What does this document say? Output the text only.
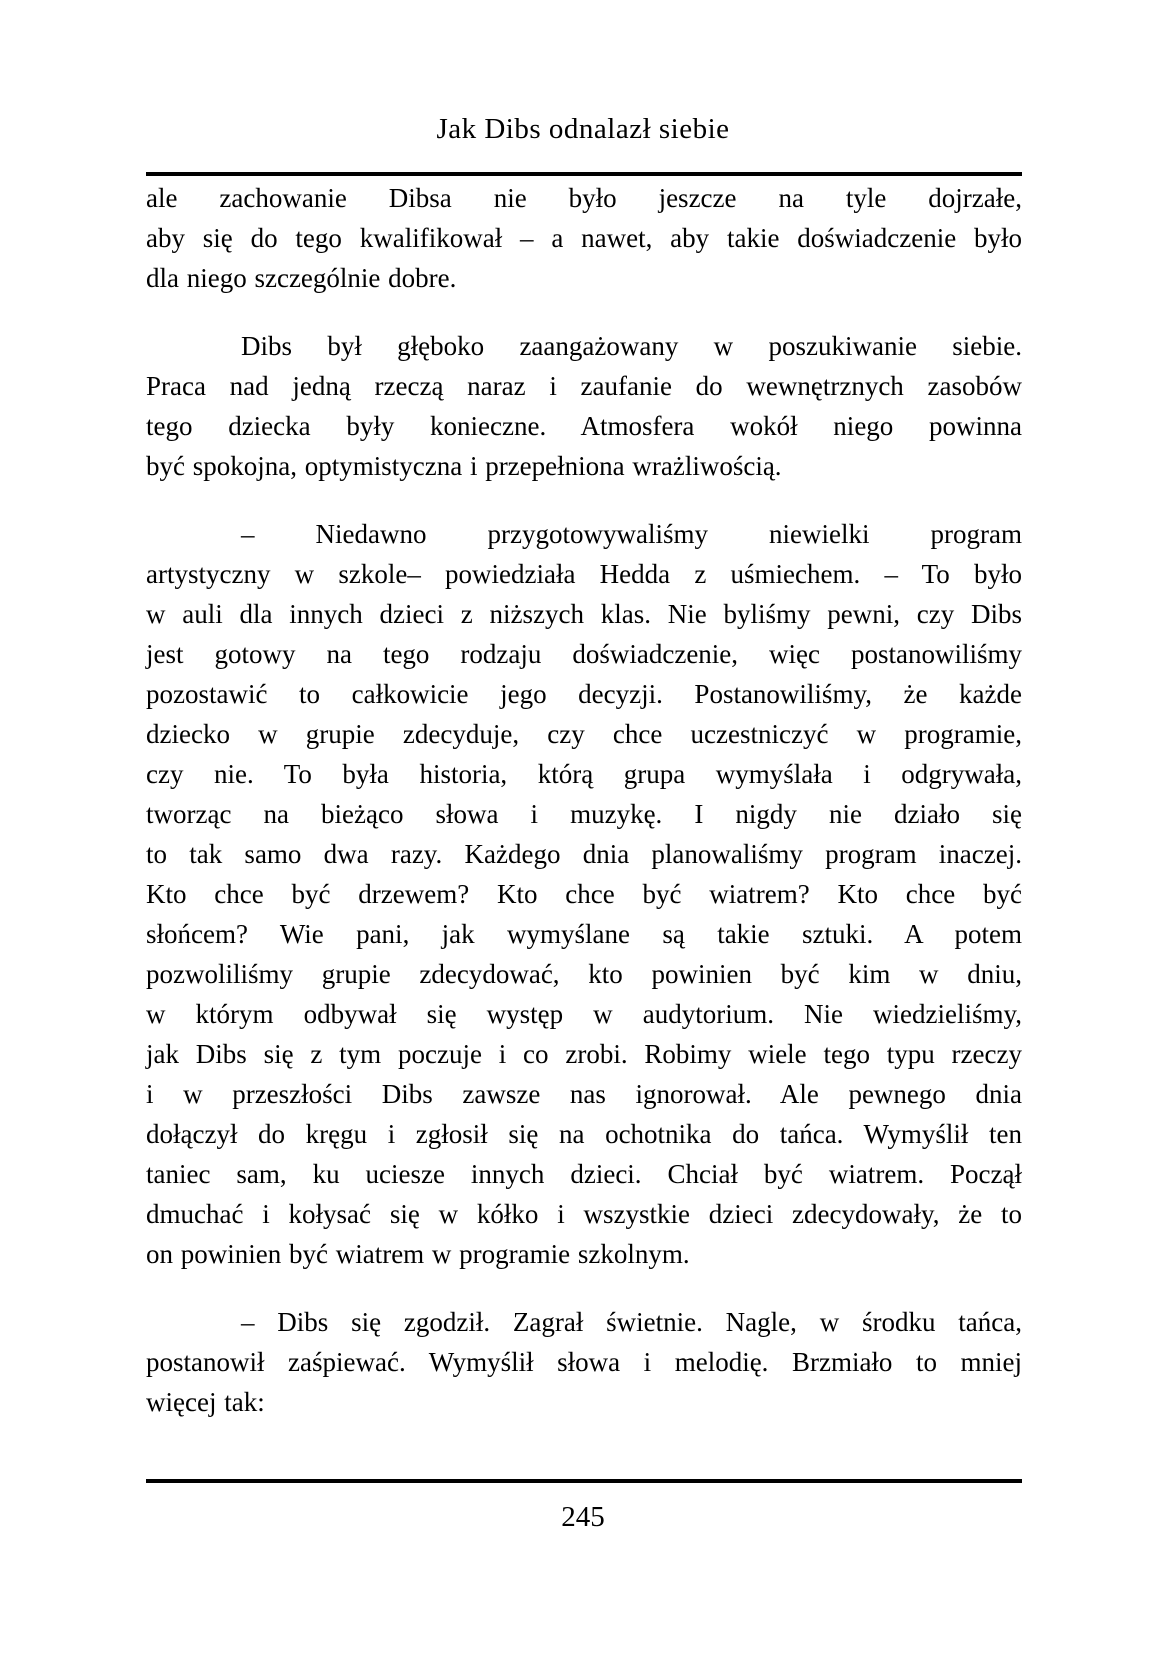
Jak Dibs odnalazł siebie
ale zachowanie Dibsa nie było jeszcze na tyle dojrzałe,
aby się do tego kwalifikował – a nawet, aby takie doświadczenie było
dla niego szczególnie dobre.
Dibs był głęboko zaangażowany w poszukiwanie siebie.
Praca nad jedną rzeczą naraz i zaufanie do wewnętrznych zasobów
tego dziecka były konieczne. Atmosfera wokół niego powinna
być spokojna, optymistyczna i przepełniona wrażliwością.
– Niedawno przygotowywaliśmy niewielki program
artystyczny w szkole– powiedziała Hedda z uśmiechem. – To było
w auli dla innych dzieci z niższych klas. Nie byliśmy pewni, czy Dibs
jest gotowy na tego rodzaju doświadczenie, więc postanowiliśmy
pozostawić to całkowicie jego decyzji. Postanowiliśmy, że każde
dziecko w grupie zdecyduje, czy chce uczestniczyć w programie,
czy nie. To była historia, którą grupa wymyślała i odgrywała,
tworząc na bieżąco słowa i muzykę. I nigdy nie działo się
to tak samo dwa razy. Każdego dnia planowaliśmy program inaczej.
Kto chce być drzewem? Kto chce być wiatrem? Kto chce być
słońcem? Wie pani, jak wymyślane są takie sztuki. A potem
pozwoliliśmy grupie zdecydować, kto powinien być kim w dniu,
w którym odbywał się występ w audytorium. Nie wiedzieliśmy,
jak Dibs się z tym poczuje i co zrobi. Robimy wiele tego typu rzeczy
i w przeszłości Dibs zawsze nas ignorował. Ale pewnego dnia
dołączył do kręgu i zgłosił się na ochotnika do tańca. Wymyślił ten
taniec sam, ku uciesze innych dzieci. Chciał być wiatrem. Począł
dmuchać i kołysać się w kółko i wszystkie dzieci zdecydowały, że to
on powinien być wiatrem w programie szkolnym.
– Dibs się zgodził. Zagrał świetnie. Nagle, w środku tańca,
postanowił zaśpiewać. Wymyślił słowa i melodię. Brzmiało to mniej
więcej tak:
245
